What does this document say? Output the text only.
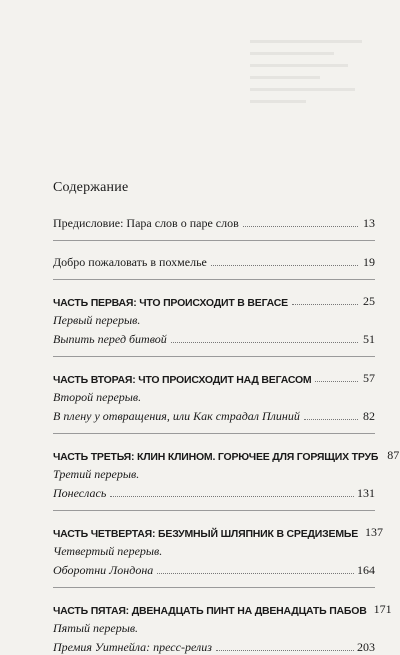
Содержание
Предисловие: Пара слов о паре слов	13
Добро пожаловать в похмелье	19
ЧАСТЬ ПЕРВАЯ: ЧТО ПРОИСХОДИТ В ВЕГАСЕ	25
Первый перерыв.
Выпить перед битвой	51
ЧАСТЬ ВТОРАЯ: ЧТО ПРОИСХОДИТ НАД ВЕГАСОМ	57
Второй перерыв.
В плену у отвращения, или Как страдал Плиний	82
ЧАСТЬ ТРЕТЬЯ: КЛИН КЛИНОМ. ГОРЮЧЕЕ ДЛЯ ГОРЯЩИХ ТРУБ 87
Третий перерыв.
Понеслась	131
ЧАСТЬ ЧЕТВЕРТАЯ: БЕЗУМНЫЙ ШЛЯПНИК В СРЕДИЗЕМЬЕ 137
Четвертый перерыв.
Оборотни Лондона	164
ЧАСТЬ ПЯТАЯ: ДВЕНАДЦАТЬ ПИНТ НА ДВЕНАДЦАТЬ ПАБОВ 171
Пятый перерыв.
Премия Уитнейла: пресс-релиз	203
